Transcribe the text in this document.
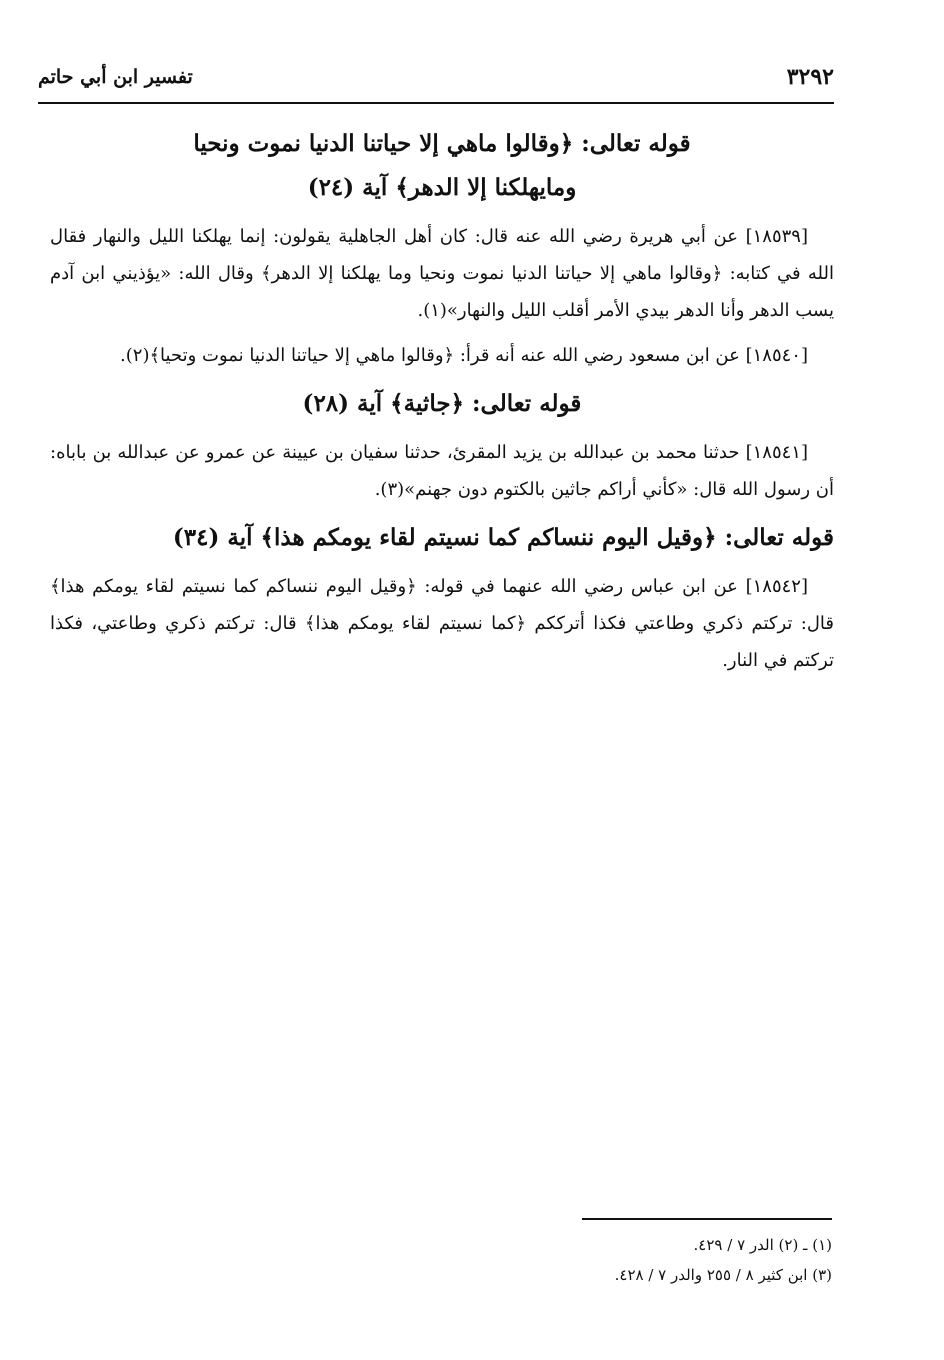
٣٢٩٢
تفسير ابن أبي حاتم
قوله تعالى: ﴿وقالوا ماهي إلا حياتنا الدنيا نموت ونحيا ومايهلكنا إلا الدهر﴾ آية (٢٤)

[١٨٥٣٩] عن أبي هريرة رضي الله عنه قال: كان أهل الجاهلية يقولون: إنما يهلكنا الليل والنهار فقال الله في كتابه: ﴿وقالوا ماهي إلا حياتنا الدنيا نموت ونحيا وما يهلكنا إلا الدهر﴾ وقال الله: «يؤذيني ابن آدم يسب الدهر وأنا الدهر بيدي الأمر أقلب الليل والنهار»(١).

[١٨٥٤٠] عن ابن مسعود رضي الله عنه أنه قرأ: ﴿وقالوا ماهي إلا حياتنا الدنيا نموت وتحيا﴾(٢).

قوله تعالى: ﴿جاثية﴾ آية (٢٨)

[١٨٥٤١] حدثنا محمد بن عبدالله بن يزيد المقرئ، حدثنا سفيان بن عيينة عن عمرو عن عبدالله بن باباه: أن رسول الله قال: «كأني أراكم جاثين بالكتوم دون جهنم»(٣).

قوله تعالى: ﴿وقيل اليوم ننساكم كما نسيتم لقاء يومكم هذا﴾ آية (٣٤)

[١٨٥٤٢] عن ابن عباس رضي الله عنهما في قوله: ﴿وقيل اليوم ننساكم كما نسيتم لقاء يومكم هذا﴾ قال: تركتم ذكري وطاعتي فكذا أترككم ﴿كما نسيتم لقاء يومكم هذا﴾ قال: تركتم ذكري وطاعتي، فكذا تركتم في النار.

(١) ـ (٢) الدر ٧ / ٤٢٩.
(٣) ابن كثير ٨ / ٢٥٥ والدر ٧ / ٤٢٨.
